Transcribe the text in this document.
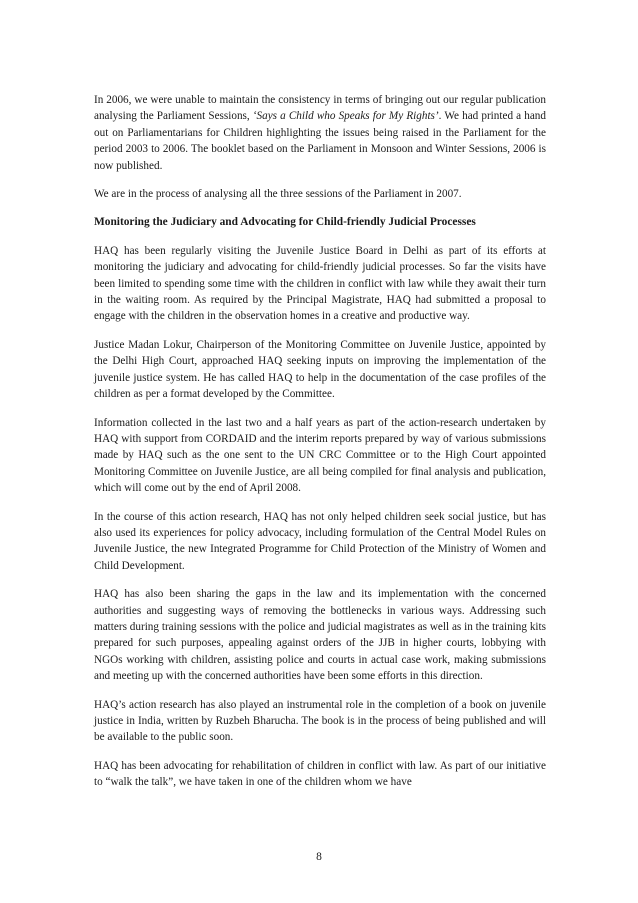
In 2006, we were unable to maintain the consistency in terms of bringing out our regular publication analysing the Parliament Sessions, ‘Says a Child who Speaks for My Rights’. We had printed a hand out on Parliamentarians for Children highlighting the issues being raised in the Parliament for the period 2003 to 2006. The booklet based on the Parliament in Monsoon and Winter Sessions, 2006 is now published.

We are in the process of analysing all the three sessions of the Parliament in 2007.

Monitoring the Judiciary and Advocating for Child-friendly Judicial Processes

HAQ has been regularly visiting the Juvenile Justice Board in Delhi as part of its efforts at monitoring the judiciary and advocating for child-friendly judicial processes. So far the visits have been limited to spending some time with the children in conflict with law while they await their turn in the waiting room. As required by the Principal Magistrate, HAQ had submitted a proposal to engage with the children in the observation homes in a creative and productive way.

Justice Madan Lokur, Chairperson of the Monitoring Committee on Juvenile Justice, appointed by the Delhi High Court, approached HAQ seeking inputs on improving the implementation of the juvenile justice system. He has called HAQ to help in the documentation of the case profiles of the children as per a format developed by the Committee.

Information collected in the last two and a half years as part of the action-research undertaken by HAQ with support from CORDAID and the interim reports prepared by way of various submissions made by HAQ such as the one sent to the UN CRC Committee or to the High Court appointed Monitoring Committee on Juvenile Justice, are all being compiled for final analysis and publication, which will come out by the end of April 2008.

In the course of this action research, HAQ has not only helped children seek social justice, but has also used its experiences for policy advocacy, including formulation of the Central Model Rules on Juvenile Justice, the new Integrated Programme for Child Protection of the Ministry of Women and Child Development.

HAQ has also been sharing the gaps in the law and its implementation with the concerned authorities and suggesting ways of removing the bottlenecks in various ways. Addressing such matters during training sessions with the police and judicial magistrates as well as in the training kits prepared for such purposes, appealing against orders of the JJB in higher courts, lobbying with NGOs working with children, assisting police and courts in actual case work, making submissions and meeting up with the concerned authorities have been some efforts in this direction.

HAQ’s action research has also played an instrumental role in the completion of a book on juvenile justice in India, written by Ruzbeh Bharucha. The book is in the process of being published and will be available to the public soon.

HAQ has been advocating for rehabilitation of children in conflict with law. As part of our initiative to “walk the talk”, we have taken in one of the children whom we have

8
